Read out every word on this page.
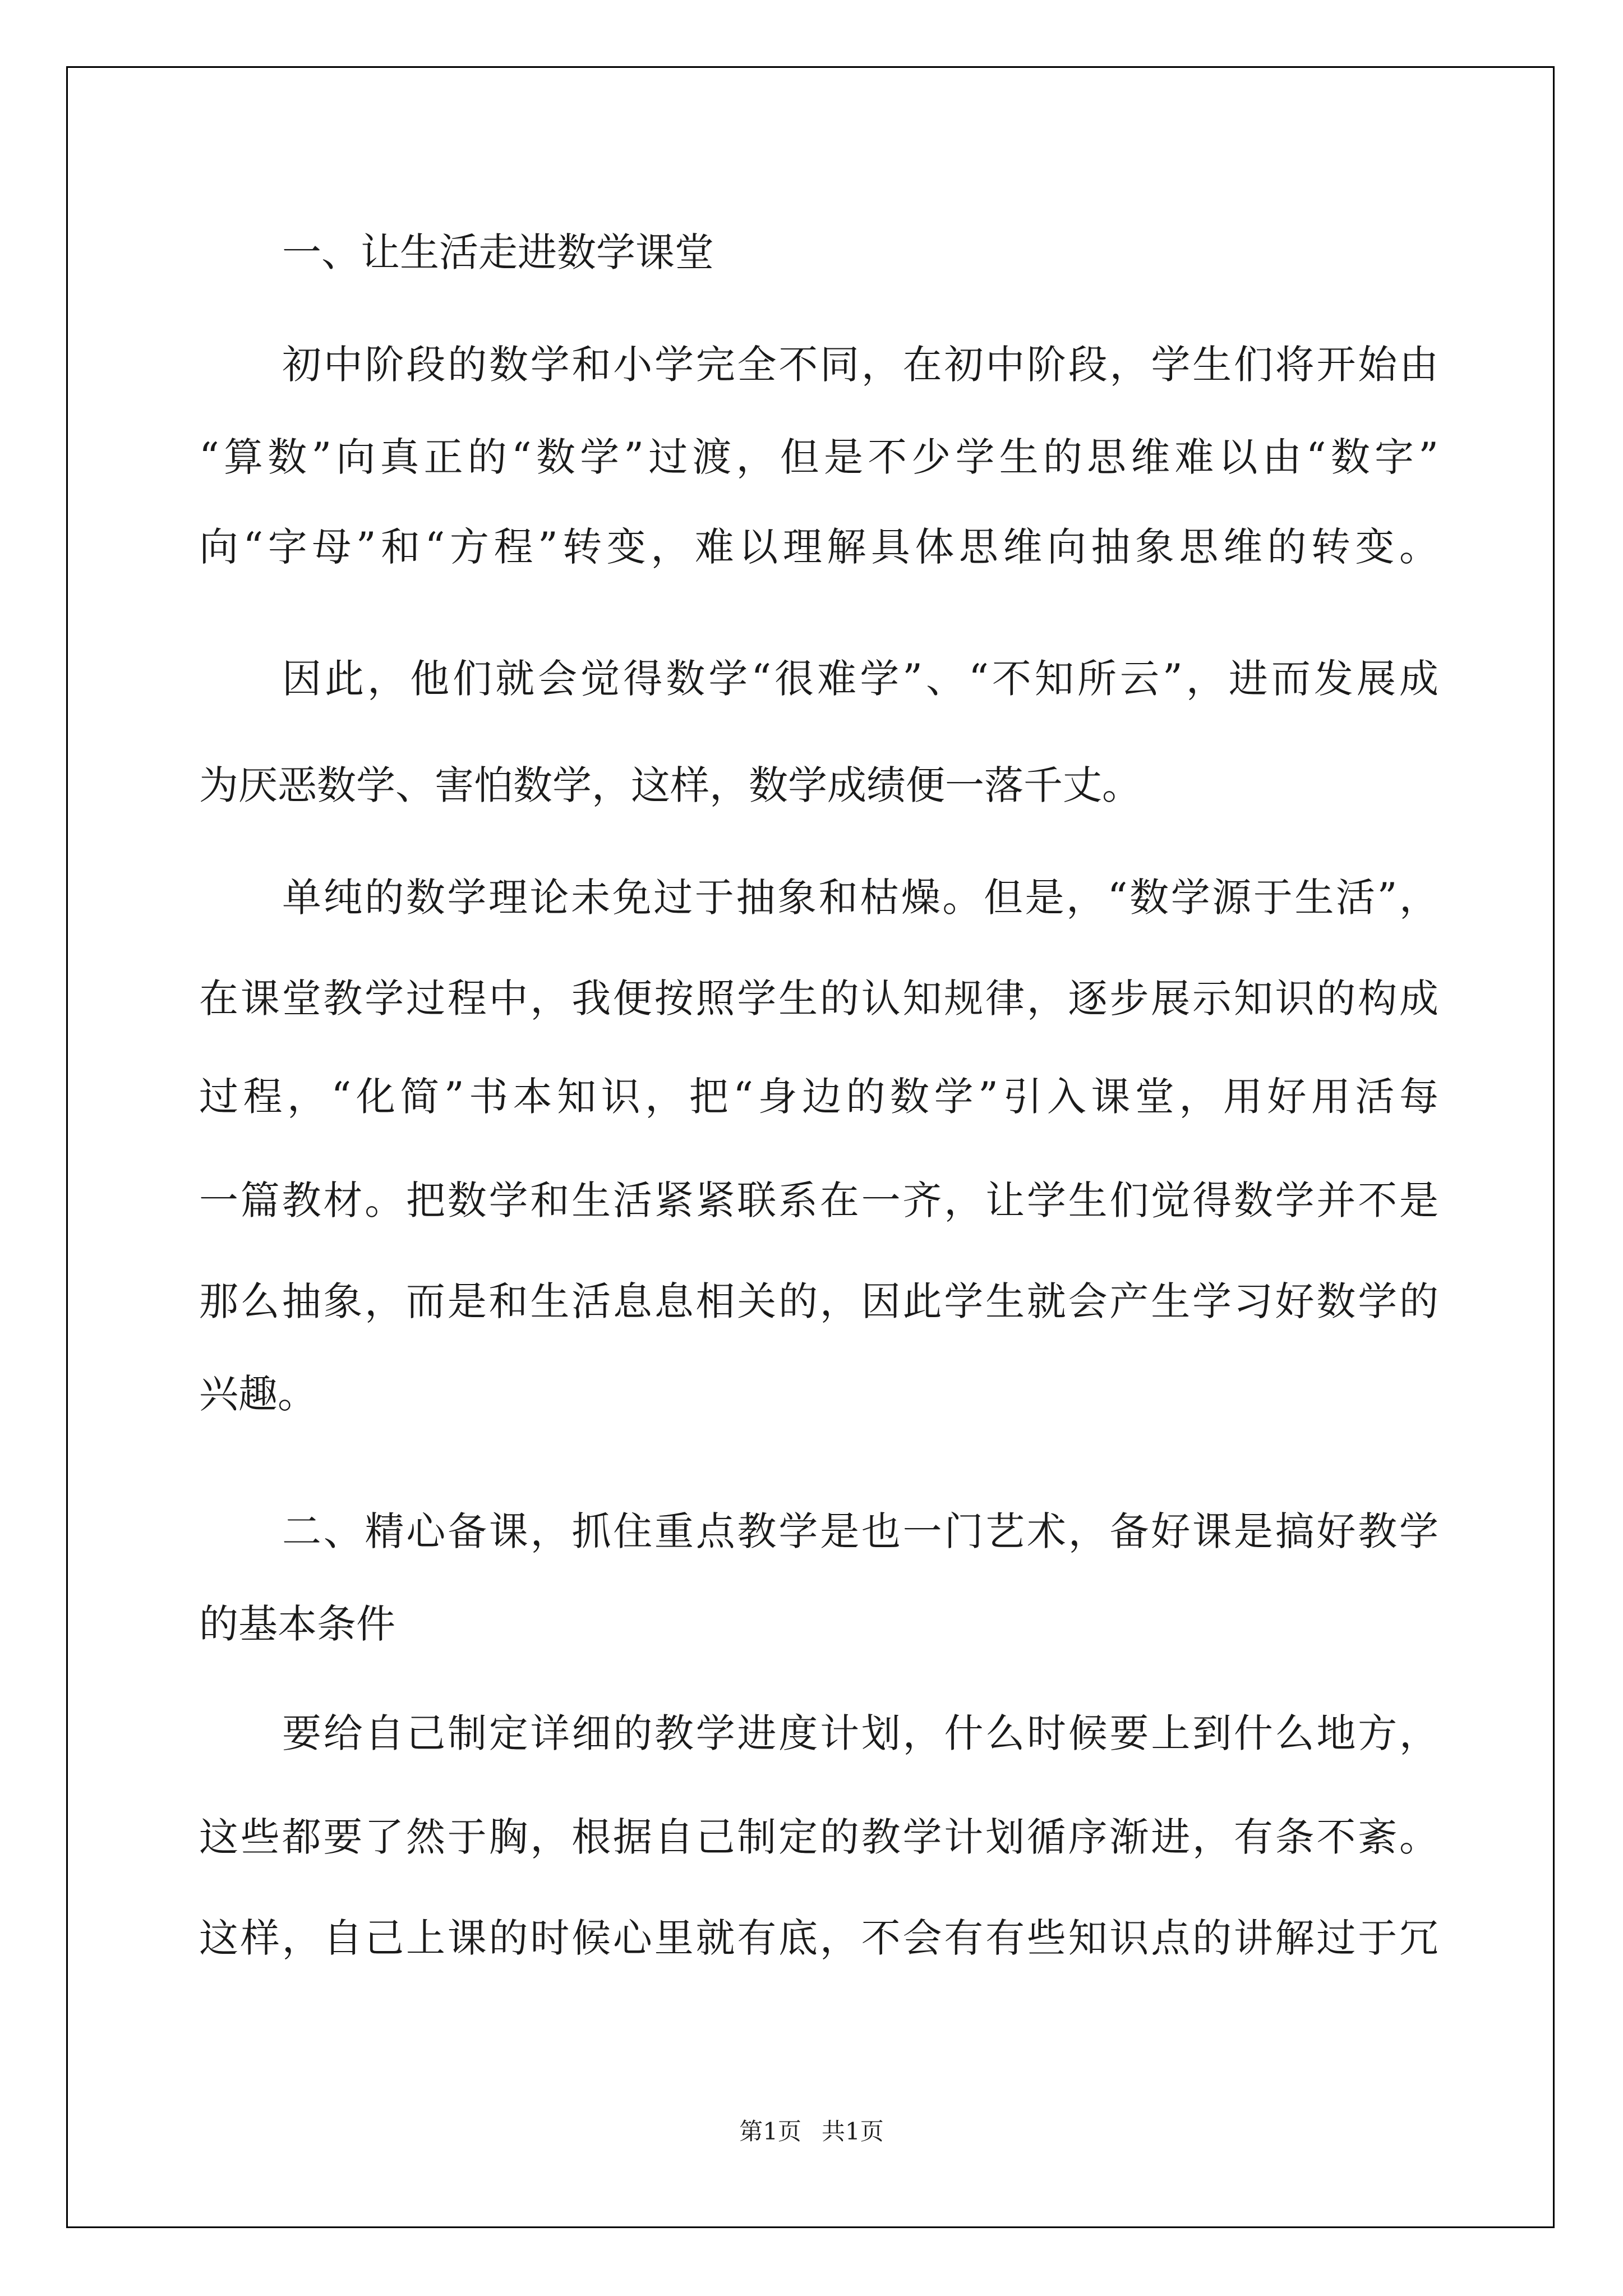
一、让生活走进数学课堂
初中阶段的数学和小学完全不同，在初中阶段，学生们将开始由
“算数”向真正的“数学”过渡，但是不少学生的思维难以由“数字”
向“字母”和“方程”转变，难以理解具体思维向抽象思维的转变。
因此，他们就会觉得数学“很难学”、“不知所云”，进而发展成
为厌恶数学、害怕数学，这样，数学成绩便一落千丈。
单纯的数学理论未免过于抽象和枯燥。但是，“数学源于生活”，
在课堂教学过程中，我便按照学生的认知规律，逐步展示知识的构成
过程，“化简”书本知识，把“身边的数学”引入课堂，用好用活每
一篇教材。把数学和生活紧紧联系在一齐，让学生们觉得数学并不是
那么抽象，而是和生活息息相关的，因此学生就会产生学习好数学的
兴趣。
二、精心备课，抓住重点教学是也一门艺术，备好课是搞好教学
的基本条件
要给自己制定详细的教学进度计划，什么时候要上到什么地方，
这些都要了然于胸，根据自己制定的教学计划循序渐进，有条不紊。
这样，自己上课的时候心里就有底，不会有有些知识点的讲解过于冗
第1页 共1页
